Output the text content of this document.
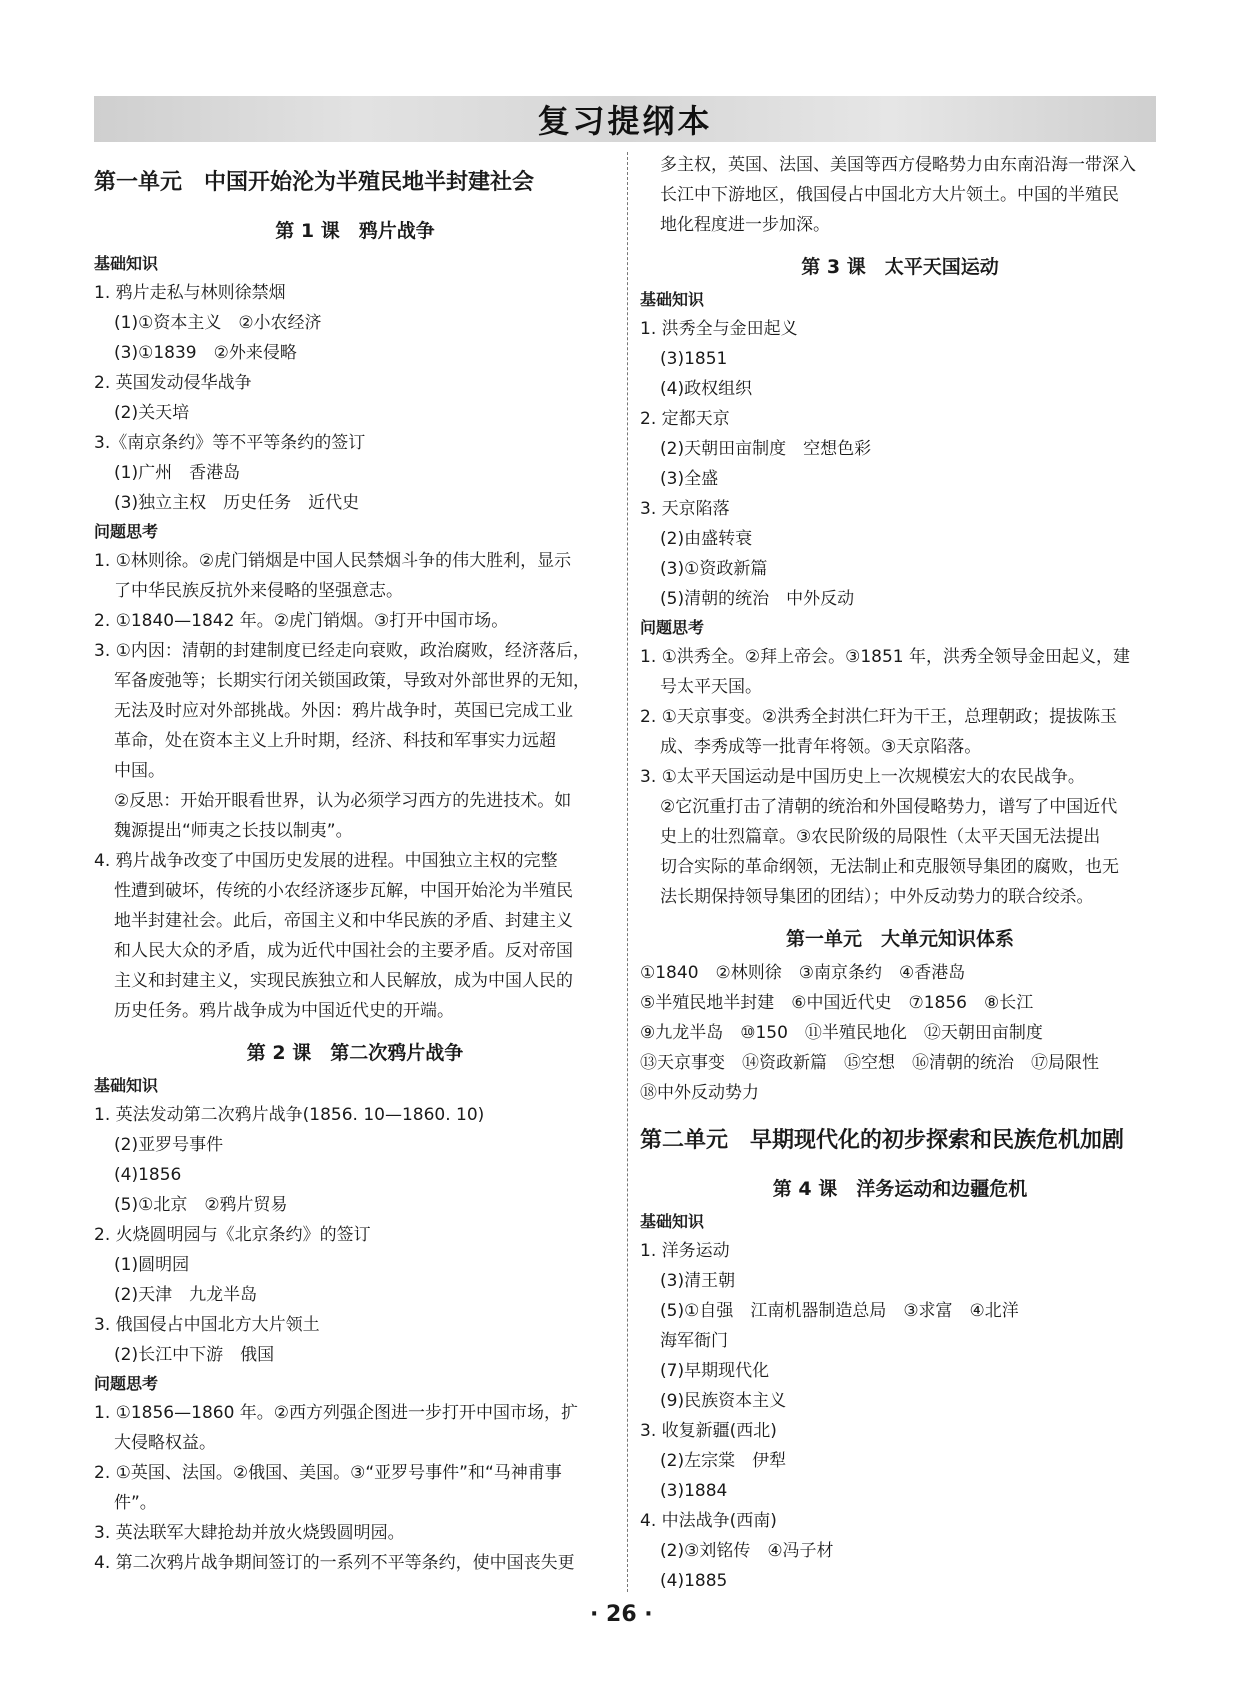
复习提纲本
第一单元　中国开始沦为半殖民地半封建社会
第 1 课　鸦片战争
基础知识
1. 鸦片走私与林则徐禁烟
(1)①资本主义　②小农经济
(3)①1839　②外来侵略
2. 英国发动侵华战争
(2)关天培
3.《南京条约》等不平等条约的签订
(1)广州　香港岛
(3)独立主权　历史任务　近代史
问题思考
1. ①林则徐。②虎门销烟是中国人民禁烟斗争的伟大胜利，显示
了中华民族反抗外来侵略的坚强意志。
2. ①1840—1842 年。②虎门销烟。③打开中国市场。
3. ①内因：清朝的封建制度已经走向衰败，政治腐败，经济落后，
军备废弛等；长期实行闭关锁国政策，导致对外部世界的无知，
无法及时应对外部挑战。外因：鸦片战争时，英国已完成工业
革命，处在资本主义上升时期，经济、科技和军事实力远超
中国。
②反思：开始开眼看世界，认为必须学习西方的先进技术。如
魏源提出“师夷之长技以制夷”。
4. 鸦片战争改变了中国历史发展的进程。中国独立主权的完整
性遭到破坏，传统的小农经济逐步瓦解，中国开始沦为半殖民
地半封建社会。此后，帝国主义和中华民族的矛盾、封建主义
和人民大众的矛盾，成为近代中国社会的主要矛盾。反对帝国
主义和封建主义，实现民族独立和人民解放，成为中国人民的
历史任务。鸦片战争成为中国近代史的开端。
第 2 课　第二次鸦片战争
基础知识
1. 英法发动第二次鸦片战争(1856. 10—1860. 10)
(2)亚罗号事件
(4)1856
(5)①北京　②鸦片贸易
2. 火烧圆明园与《北京条约》的签订
(1)圆明园
(2)天津　九龙半岛
3. 俄国侵占中国北方大片领土
(2)长江中下游　俄国
问题思考
1. ①1856—1860 年。②西方列强企图进一步打开中国市场，扩
大侵略权益。
2. ①英国、法国。②俄国、美国。③“亚罗号事件”和“马神甫事
件”。
3. 英法联军大肆抢劫并放火烧毁圆明园。
4. 第二次鸦片战争期间签订的一系列不平等条约，使中国丧失更
多主权，英国、法国、美国等西方侵略势力由东南沿海一带深入
长江中下游地区，俄国侵占中国北方大片领土。中国的半殖民
地化程度进一步加深。
第 3 课　太平天国运动
基础知识
1. 洪秀全与金田起义
(3)1851
(4)政权组织
2. 定都天京
(2)天朝田亩制度　空想色彩
(3)全盛
3. 天京陷落
(2)由盛转衰
(3)①资政新篇
(5)清朝的统治　中外反动
问题思考
1. ①洪秀全。②拜上帝会。③1851 年，洪秀全领导金田起义，建
号太平天国。
2. ①天京事变。②洪秀全封洪仁玕为干王，总理朝政；提拔陈玉
成、李秀成等一批青年将领。③天京陷落。
3. ①太平天国运动是中国历史上一次规模宏大的农民战争。
②它沉重打击了清朝的统治和外国侵略势力，谱写了中国近代
史上的壮烈篇章。③农民阶级的局限性（太平天国无法提出
切合实际的革命纲领，无法制止和克服领导集团的腐败，也无
法长期保持领导集团的团结）；中外反动势力的联合绞杀。
第一单元　大单元知识体系
①1840　②林则徐　③南京条约　④香港岛
⑤半殖民地半封建　⑥中国近代史　⑦1856　⑧长江
⑨九龙半岛　⑩150　⑪半殖民地化　⑫天朝田亩制度
⑬天京事变　⑭资政新篇　⑮空想　⑯清朝的统治　⑰局限性
⑱中外反动势力
第二单元　早期现代化的初步探索和民族危机加剧
第 4 课　洋务运动和边疆危机
基础知识
1. 洋务运动
(3)清王朝
(5)①自强　江南机器制造总局　③求富　④北洋
海军衙门
(7)早期现代化
(9)民族资本主义
3. 收复新疆(西北)
(2)左宗棠　伊犁
(3)1884
4. 中法战争(西南)
(2)③刘铭传　④冯子材
(4)1885
· 26 ·
